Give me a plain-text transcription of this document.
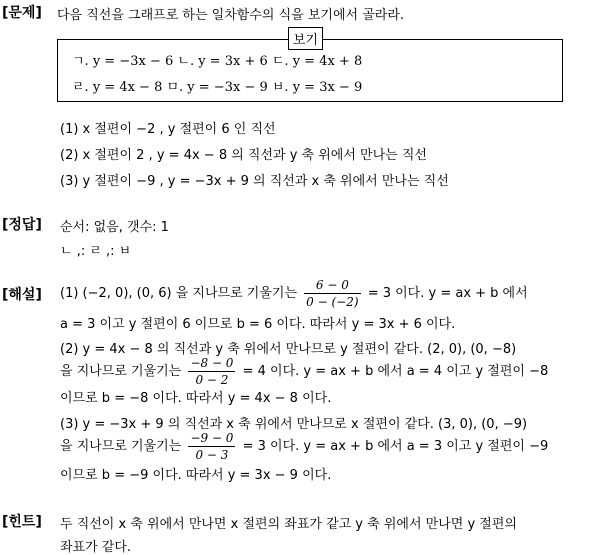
[문제] 다음 직선을 그래프로 하는 일차함수의 식을 보기에서 골라라.
보기
ㄱ. y = −3x − 6 ㄴ. y = 3x + 6 ㄷ. y = 4x + 8
ㄹ. y = 4x − 8 ㅁ. y = −3x − 9 ㅂ. y = 3x − 9
(1) x 절편이 −2 , y 절편이 6 인 직선
(2) x 절편이 2 , y = 4x − 8 의 직선과 y 축 위에서 만나는 직선
(3) y 절편이 −9 , y = −3x + 9 의 직선과 x 축 위에서 만나는 직선
[정답] 순서: 없음, 갯수: 1
ㄴ ,: ㄹ ,: ㅂ
[해설] (1) (−2, 0), (0, 6) 을 지나므로 기울기는 $\frac{6 - 0}{0 - (-2)} = 3$ 이다. y = ax + b 에서
a = 3 이고 y 절편이 6 이므로 b = 6 이다. 따라서 y = 3x + 6 이다.
(2) y = 4x − 8 의 직선과 y 축 위에서 만나므로 y 절편이 같다. (2, 0), (0, −8)
을 지나므로 기울기는 $\frac{-8 - 0}{0 - 2} = 4$ 이다. y = ax + b 에서 a = 4 이고 y 절편이 −8
이므로 b = −8 이다. 따라서 y = 4x − 8 이다.
(3) y = −3x + 9 의 직선과 x 축 위에서 만나므로 x 절편이 같다. (3, 0), (0, −9)
을 지나므로 기울기는 $\frac{-9 - 0}{0 - 3} = 3$ 이다. y = ax + b 에서 a = 3 이고 y 절편이 −9
이므로 b = −9 이다. 따라서 y = 3x − 9 이다.
[힌트] 두 직선이 x 축 위에서 만나면 x 절편의 좌표가 같고 y 축 위에서 만나면 y 절편의
좌표가 같다.
